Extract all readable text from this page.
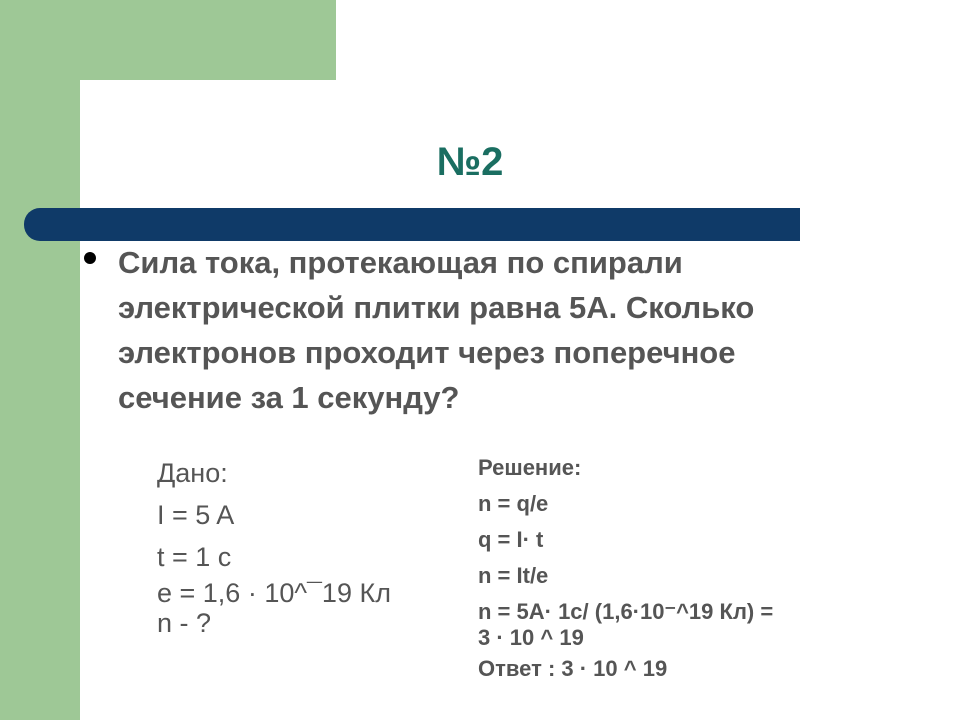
№2
Сила тока, протекающая по спирали электрической плитки равна 5А. Сколько электронов проходит через поперечное сечение за 1 секунду?
Дано:
I = 5 A
t = 1 c
e = 1,6 · 10^¯19 Кл
n - ?
Решение:
n = q/e
q = I· t
n = It/e
n = 5A· 1c/ (1,6·10⁻^19 Кл) = 3 · 10 ^ 19
Ответ : 3 · 10 ^ 19
